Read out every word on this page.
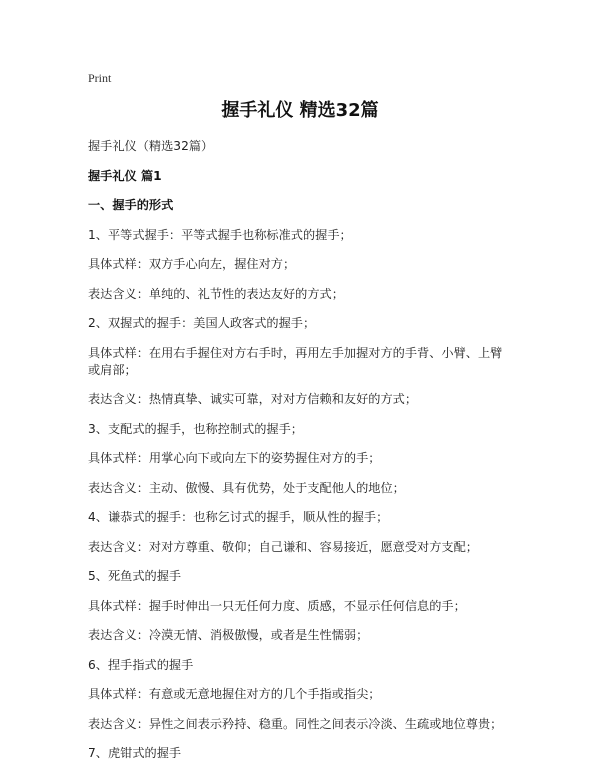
Print
握手礼仪 精选32篇
握手礼仪（精选32篇）
握手礼仪 篇1
一、握手的形式
1、平等式握手：平等式握手也称标准式的握手；
具体式样：双方手心向左，握住对方；
表达含义：单纯的、礼节性的表达友好的方式；
2、双握式的握手：美国人政客式的握手；
具体式样：在用右手握住对方右手时，再用左手加握对方的手背、小臂、上臂或肩部；
表达含义：热情真挚、诚实可靠，对对方信赖和友好的方式；
3、支配式的握手，也称控制式的握手；
具体式样：用掌心向下或向左下的姿势握住对方的手；
表达含义：主动、傲慢、具有优势，处于支配他人的地位；
4、谦恭式的握手：也称乞讨式的握手，顺从性的握手；
表达含义：对对方尊重、敬仰；自己谦和、容易接近，愿意受对方支配；
5、死鱼式的握手
具体式样：握手时伸出一只无任何力度、质感，不显示任何信息的手；
表达含义：冷漠无情、消极傲慢，或者是生性懦弱；
6、捏手指式的握手
具体式样：有意或无意地握住对方的几个手指或指尖；
表达含义：异性之间表示矜持、稳重。同性之间表示冷淡、生疏或地位尊贵；
7、虎钳式的握手
